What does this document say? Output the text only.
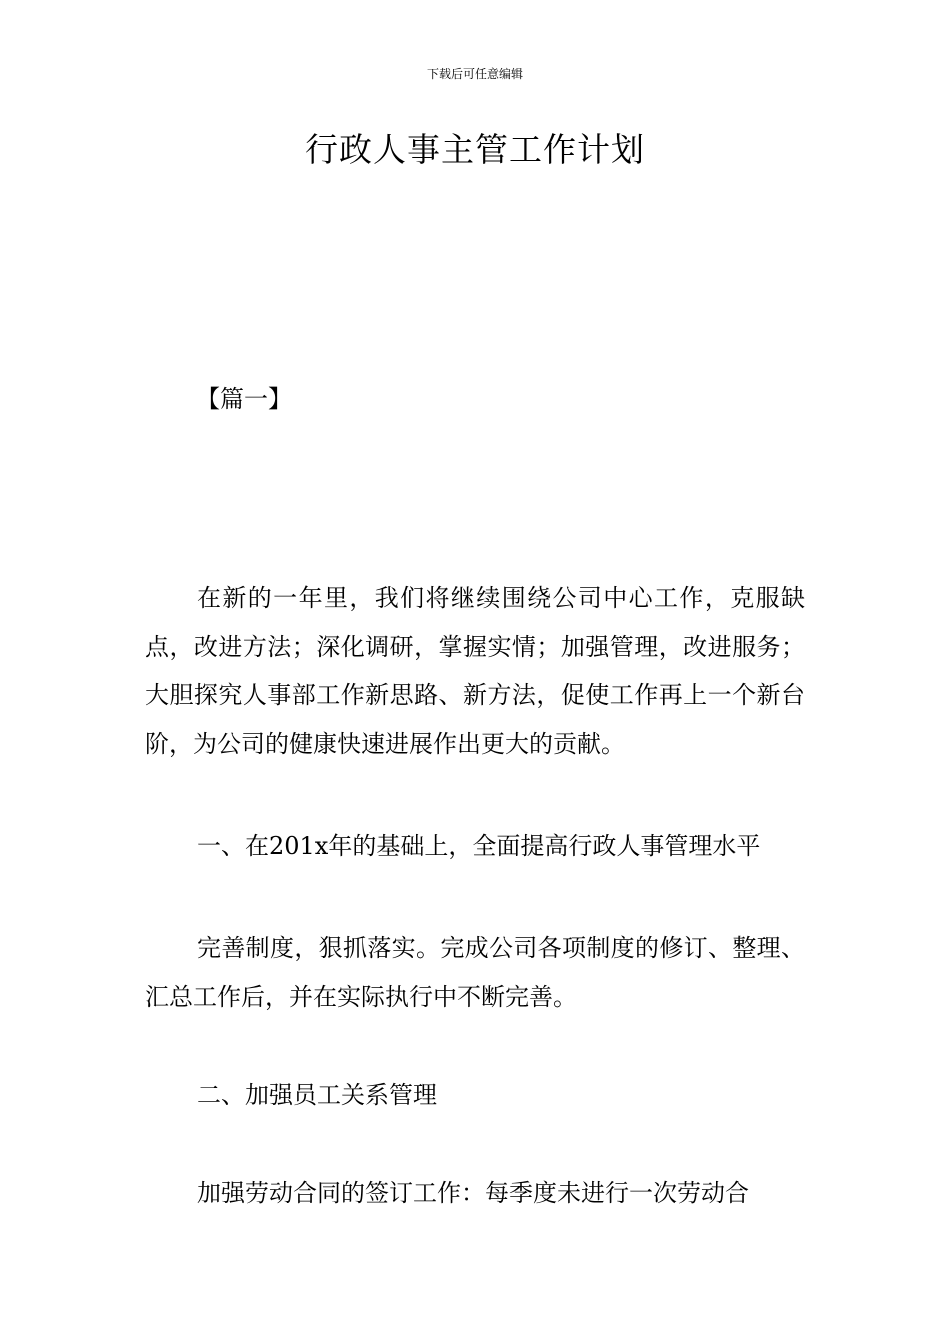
下载后可任意编辑
行政人事主管工作计划
【篇一】

在新的一年里，我们将继续围绕公司中心工作，克服缺点，改进方法；深化调研，掌握实情；加强管理，改进服务；大胆探究人事部工作新思路、新方法，促使工作再上一个新台阶，为公司的健康快速进展作出更大的贡献。

一、在201x年的基础上，全面提高行政人事管理水平

完善制度，狠抓落实。完成公司各项制度的修订、整理、汇总工作后，并在实际执行中不断完善。

二、加强员工关系管理

加强劳动合同的签订工作：每季度未进行一次劳动合
